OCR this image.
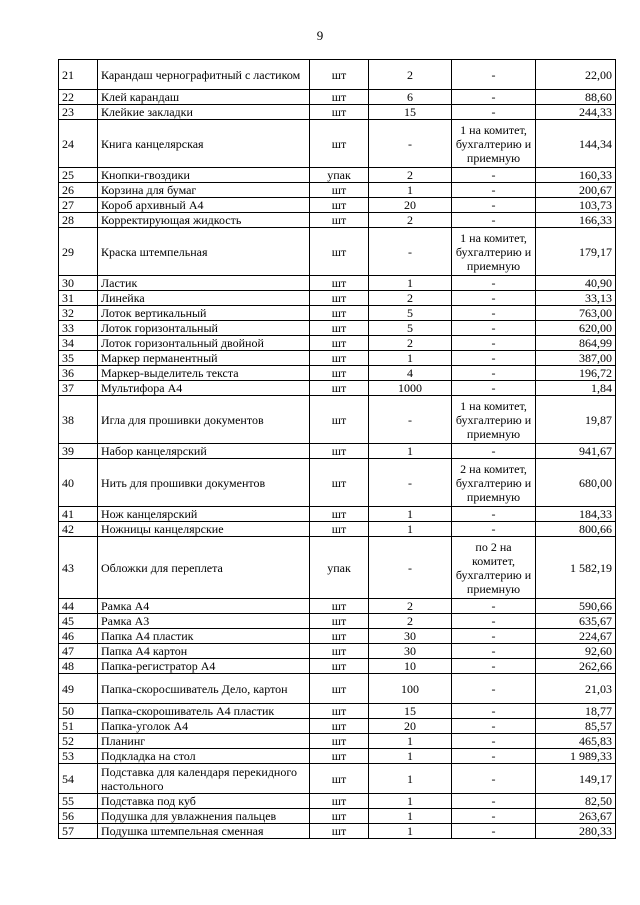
9
21	Карандаш чернографитный с ластиком	шт	2	-	22,00
22	Клей карандаш	шт	6	-	88,60
23	Клейкие закладки	шт	15	-	244,33
24	Книга канцелярская	шт	-	1 на комитет, бухгалтерию и приемную	144,34
25	Кнопки-гвоздики	упак	2	-	160,33
26	Корзина для бумаг	шт	1	-	200,67
27	Короб архивный А4	шт	20	-	103,73
28	Корректирующая жидкость	шт	2	-	166,33
29	Краска штемпельная	шт	-	1 на комитет, бухгалтерию и приемную	179,17
30	Ластик	шт	1	-	40,90
31	Линейка	шт	2	-	33,13
32	Лоток вертикальный	шт	5	-	763,00
33	Лоток горизонтальный	шт	5	-	620,00
34	Лоток горизонтальный двойной	шт	2	-	864,99
35	Маркер перманентный	шт	1	-	387,00
36	Маркер-выделитель текста	шт	4	-	196,72
37	Мультифора А4	шт	1000	-	1,84
38	Игла для прошивки документов	шт	-	1 на комитет, бухгалтерию и приемную	19,87
39	Набор канцелярский	шт	1	-	941,67
40	Нить для прошивки документов	шт	-	2 на комитет, бухгалтерию и приемную	680,00
41	Нож канцелярский	шт	1	-	184,33
42	Ножницы канцелярские	шт	1	-	800,66
43	Обложки для переплета	упак	-	по 2 на комитет, бухгалтерию и приемную	1 582,19
44	Рамка А4	шт	2	-	590,66
45	Рамка А3	шт	2	-	635,67
46	Папка А4 пластик	шт	30	-	224,67
47	Папка А4 картон	шт	30	-	92,60
48	Папка-регистратор А4	шт	10	-	262,66
49	Папка-скоросшиватель Дело, картон	шт	100	-	21,03
50	Папка-скорошиватель А4 пластик	шт	15	-	18,77
51	Папка-уголок А4	шт	20	-	85,57
52	Планинг	шт	1	-	465,83
53	Подкладка на стол	шт	1	-	1 989,33
54	Подставка для календаря перекидного настольного	шт	1	-	149,17
55	Подставка под куб	шт	1	-	82,50
56	Подушка для увлажнения пальцев	шт	1	-	263,67
57	Подушка штемпельная сменная	шт	1	-	280,33
